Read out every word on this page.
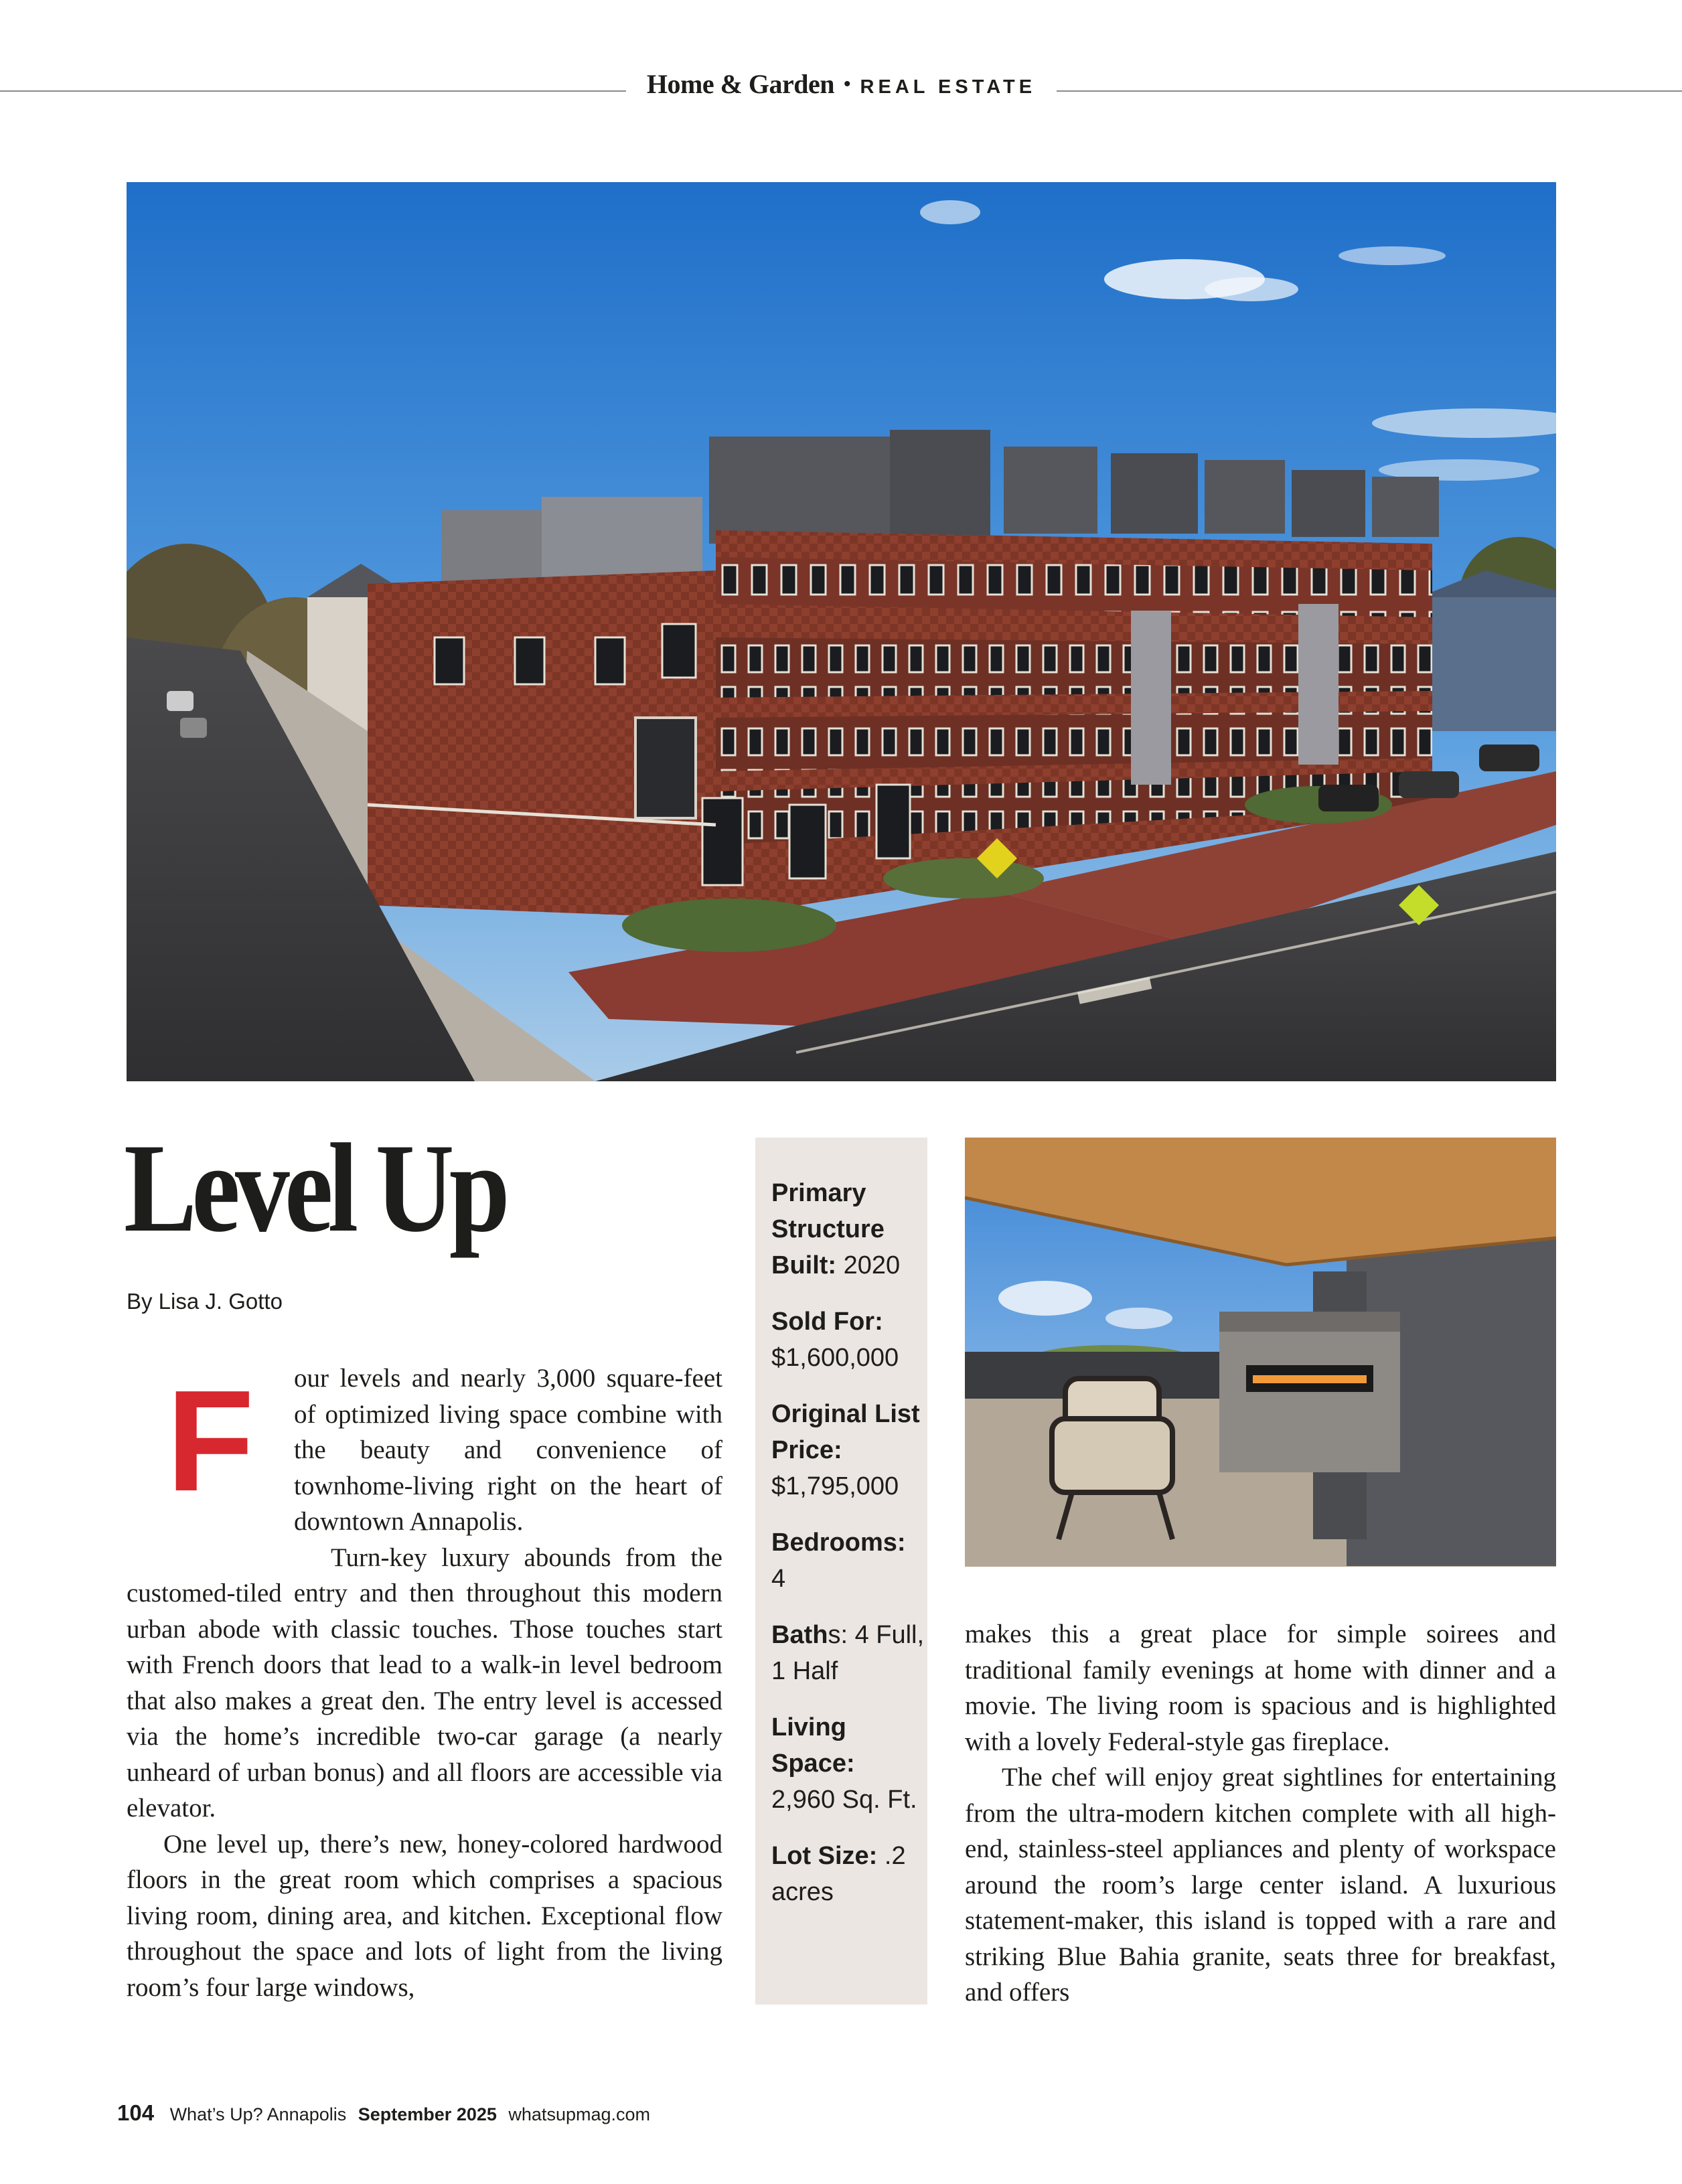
Home & Garden • REAL ESTATE
Level Up
By Lisa J. Gotto
F	our levels and nearly 3,000 square-feet of optimized living space combine with the beauty and convenience of townhome-living right on the heart of downtown Annapolis.
Turn-key luxury abounds from the customed-tiled entry and then throughout this modern urban abode with classic touches. Those touches start with French doors that lead to a walk-in level bedroom that also makes a great den. The entry level is accessed via the home’s incredible two-car garage (a nearly unheard of urban bonus) and all floors are accessible via elevator.
One level up, there’s new, honey-colored hardwood floors in the great room which comprises a spacious living room, dining area, and kitchen. Exceptional flow throughout the space and lots of light from the living room’s four large windows,
Primary Structure Built: 2020
Sold For:
$1,600,000
Original List Price:
$1,795,000
Bedrooms:
4
Baths: 4 Full, 1 Half
Living Space:
2,960 Sq. Ft.
Lot Size: .2 acres
makes this a great place for simple soirees and traditional family evenings at home with dinner and a movie. The living room is spacious and is highlighted with a lovely Federal-style gas fireplace.
The chef will enjoy great sightlines for entertaining from the ultra-modern kitchen complete with all high-end, stainless-steel appliances and plenty of workspace around the room’s large center island. A luxurious statement-maker, this island is topped with a rare and striking Blue Bahia granite, seats three for breakfast, and offers
104 What’s Up? Annapolis September 2025 whatsupmag.com
